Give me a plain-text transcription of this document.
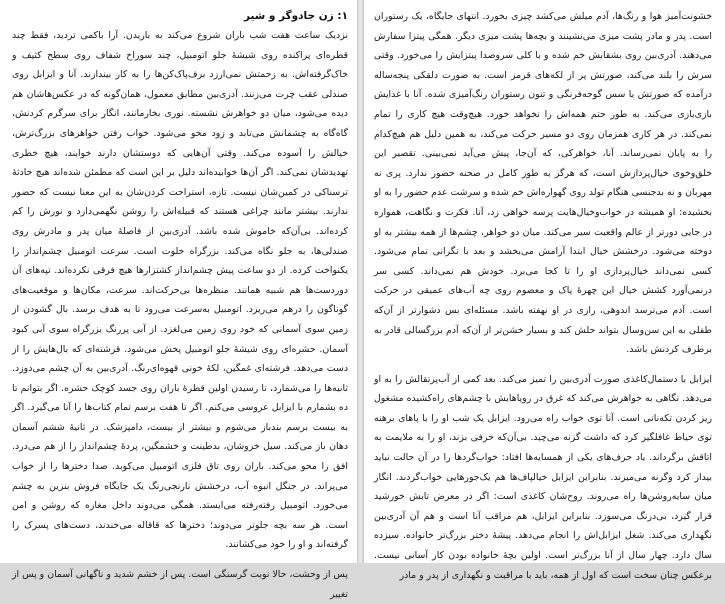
۱: زن جادوگر و شیر

نزدیک ساعت هفت شب باران شروع می‌کند به باریدن. آرا باکمی تردید، فقط چند قطره‌ای پراکنده روی شیشهٔ جلو اتومبیل، چند سوراخ شفاف روی سطح کثیف و خاک‌گرفته‌اش. به زحمتش نمی‌ارزد برف‌پاک‌کن‌ها را به کار بیندازند. آنا و ایزابل روی صندلی عقب چرت می‌زنند. آدری‌بین مطابق معمول، همان‌گونه که در عکس‌هاشان هم دیده می‌شود، میان دو خواهرش نشسته. نوری بخارمانند، انگار برای سرگرم کردنش، گاه‌گاه به چشمانش می‌تابد و زود محو می‌شود. خواب رفتن خواهرهای بزرگ‌ترش، خیالش را آسوده می‌کند. وقتی آن‌هایی که دوستشان دارند خوابند، هیچ خطری تهدیدشان نمی‌کند. اگر آن‌ها خوابیده‌اند دلیل بر این است که مطمئن شده‌اند هیچ حادثهٔ ترسناکی در کمین‌شان نیست. تازه، استراحت کردن‌شان به این معنا نیست که حضور ندارند. بیشتر مانند چراغی هستند که قبیله‌اش را روشن نگهمی‌دارد و نورش را کم کرده‌اند. بی‌آن‌که خاموش شده باشد. آدری‌بین از فاصلهٔ میان پدر و مادرش روی صندلی‌ها، به جلو نگاه می‌کند. بزرگراه خلوت است. سرعت اتومبیل چشم‌انداز را یکنواخت کرده. از دو ساعت پیش چشم‌انداز کشتزارها هیچ فرقی نکرده‌اند. تپه‌های آن دوردست‌ها هم شبیه همانند. منظره‌ها بی‌حرکت‌اند. سرعت، مکان‌ها و موقعیت‌های گوناگون را درهم می‌ریزد. اتومبیل به‌سرعت می‌رود تا به هدف برسد. بال گشودن از زمین سوی آسمانی که خود روی زمین می‌لغزد. از آبی پررنگ بزرگراه سوی آبی کبود آسمان. حشره‌ای روی شیشهٔ جلو اتومبیل پخش می‌شود. قرشته‌ای که بال‌هایش را از دست می‌دهد. فرشته‌ای غمگین، لکهٔ خونی قهوه‌ای‌رنگ. آدری‌بین به آن چشم می‌دوزد. ثانیه‌ها را می‌شمارد، تا رسیدن اولین قطرهٔ باران روی جسد کوچک حشره. اگر بتوانم تا ده بشمارم با ایزابل عروسی می‌کنم. اگر تا هفت برسم تمام کتاب‌ها را آنا می‌گیرد. اگر به بیست برسم بندباز می‌شوم و بیشتر از بیست، دامپزشک. در ثانیهٔ ششم آسمان دهان باز می‌کند. سیل خروشان، بدطینت و خشمگین، پردهٔ چشم‌انداز را از هم می‌درد. افق را محو می‌کند. باران روی تاق فلزی اتومبیل می‌کوبد. صدا دختر‌ها را از خواب می‌پراند. در جنگل انبوه آب، درخشش نارنجی‌رنگ یک جایگاه فروش بنزین به چشم می‌خورد. اتومبیل رفته‌رفته می‌ایستد. همگی می‌دوند داخل مغازه که روشن و امن است. هر سه بچه جلوتر می‌دوند؛ دختر‌ها که قاقاله می‌خندند، دست‌های پسرک را گرفته‌اند و او را خود می‌کشانند.

پس از وحشت، حالا نوبت گرسنگی است. پس از خشم شدید و ناگهانی آسمان و پس از تغییر

خشونت‌آمیز هوا و رنگ‌ها، آدم میلش می‌کشد چیزی بخورد. انتهای جایگاه، یک رستوران است. پدر و مادر پشت میزی می‌نشینند و بچه‌ها پشت میزی دیگر. همگی پیتزا سفارش می‌دهند. آدری‌بین روی بشقابش خم شده و با کلی سروصدا پیتزایش را می‌خورد. وقتی سرش را بلند می‌کند، صورتش پر از لکه‌های قرمز است. به صورت دلقکی پنجه‌ساله درآمده که صورتش با سس گوجه‌فرنگی و تنون رستوران رنگ‌آمیزی شده. آنا با غذایش بازی‌بازی می‌کند. به طور حتم همه‌اش را نخواهد خورد. هیچ‌وقت هیچ کاری را تمام نمی‌کند. در هر کاری همزمان روی دو مسیر حرکت می‌کند، به همین دلیل هم هیچ‌کدام را به پایان نمی‌رساند. آنا، خواهرکی، که آن‌جا، پیش می‌آید نمی‌بینی. تقصیر این خلق‌وخوی خیال‌پردازش است، که هرگز به طور کامل در صحنه حضور ندارد. پری نه مهربان و نه بدجنسی هنگام تولد روی گهواره‌اش خم شده و سرشت عدم حضور را به او بخشیده: او همیشه در خواب‌وخیال‌هایت پرسه خواهی زد، آنا. فکرت و نگاهت، همواره در جایی دورتر از عالم واقعیت سیر می‌کند. میان دو خواهر، چشم‌ها از همه بیشتر به او دوخته می‌شود. درخشش خیال ابتدا آرامش می‌بخشد و بعد با نگرانی تمام می‌شود. کسی نمی‌داند خیال‌پردازی او را تا کجا می‌برد. خودش هم نمی‌داند. کسی سر درنمی‌آورد کشش خیال این چهرهٔ پاک و معصوم روی چه آب‌های عمیقی در حرکت است. آدم می‌ترسد اندوهی، رازی در او نهفته باشد. مسئله‌ای بس دشوارتر از آن‌که طفلی به این سن‌وسال بتواند حلش کند و بسیار خشن‌تر از آن‌که آدم بزرگسالی قادر به برطرف کردنش باشد.

ایزابل با دستمال‌کاغذی صورت آدری‌بین را تمیز می‌کند. بعد کمی از آب‌پرتقالش را به او می‌دهد. نگاهی به خواهرش می‌کند که غرق در رویاهایش با چشم‌های راه‌کشیده مشغول ریز کردن تکه‌نانی است. آنا توی خواب راه می‌رود. ایزابل یک شب او را با پاهای برهنه توی حیاط غافلگیر کرد که داشت گزنه می‌چید. بی‌آن‌که حرفی بزند، او را به ملایمت به اتاقش برگرداند. یاد حرف‌های یکی از همسایه‌ها افتاد: خواب‌گردها را در آن حالت نباید بیدار کرد وگرنه می‌میرند. بنابراین ایزابل خیالپاف‌ها هم یک‌جورهایی خواب‌گردند. انگار میان سایه‌روشن‌ها راه می‌روند. روح‌شان کاغذی است: اگر در معرض تابش خورشید قرار گیرد، بی‌درنگ می‌سوزد. بنابراین ایزابل، هم مراقب آنا است و هم آن آدری‌بین نگهداری می‌کند. شغل ایزابل‌اش را انجام می‌دهد. پیشهٔ دختر بزرگ‌تر خانواده. سیزده سال دارد. چهار سال از آنا بزرگ‌تر است. اولین بچهٔ خانواده بودن کار آسانی نیست. برعکس چنان سخت است که اول از همه، باید با مراقبت و نگهداری از پدر و مادر
